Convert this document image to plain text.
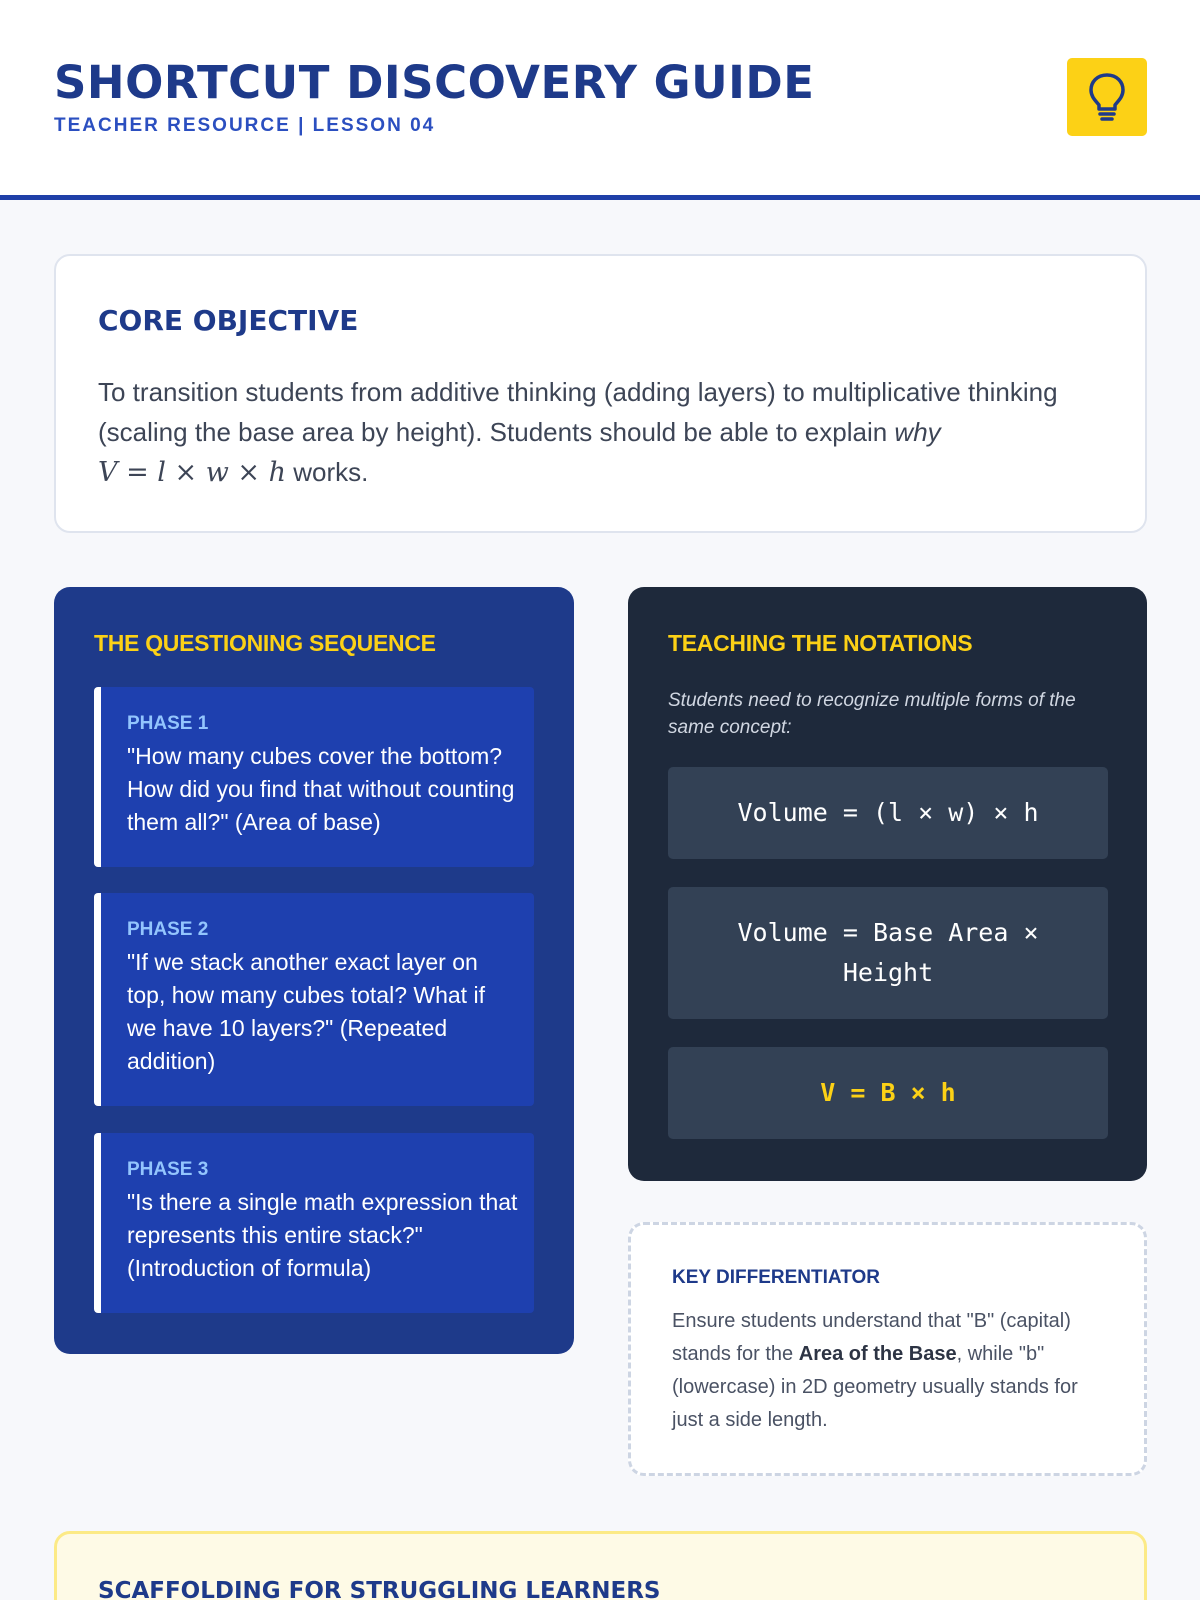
SHORTCUT DISCOVERY GUIDE
TEACHER RESOURCE | LESSON 04
CORE OBJECTIVE

To transition students from additive thinking (adding layers) to multiplicative thinking (scaling the base area by height). Students should be able to explain why
V = l × w × h works.

THE QUESTIONING SEQUENCE
PHASE 1
"How many cubes cover the bottom? How did you find that without counting them all?" (Area of base)
PHASE 2
"If we stack another exact layer on top, how many cubes total? What if we have 10 layers?" (Repeated addition)
PHASE 3
"Is there a single math expression that represents this entire stack?" (Introduction of formula)
TEACHING THE NOTATIONS
Students need to recognize multiple forms of the same concept:
Volume = (l × w) × h
Volume = Base Area × Height
V = B × h
KEY DIFFERENTIATOR

Ensure students understand that "B" (capital) stands for the Area of the Base, while "b" (lowercase) in 2D geometry usually stands for just a side length.

SCAFFOLDING FOR STRUGGLING LEARNERS
